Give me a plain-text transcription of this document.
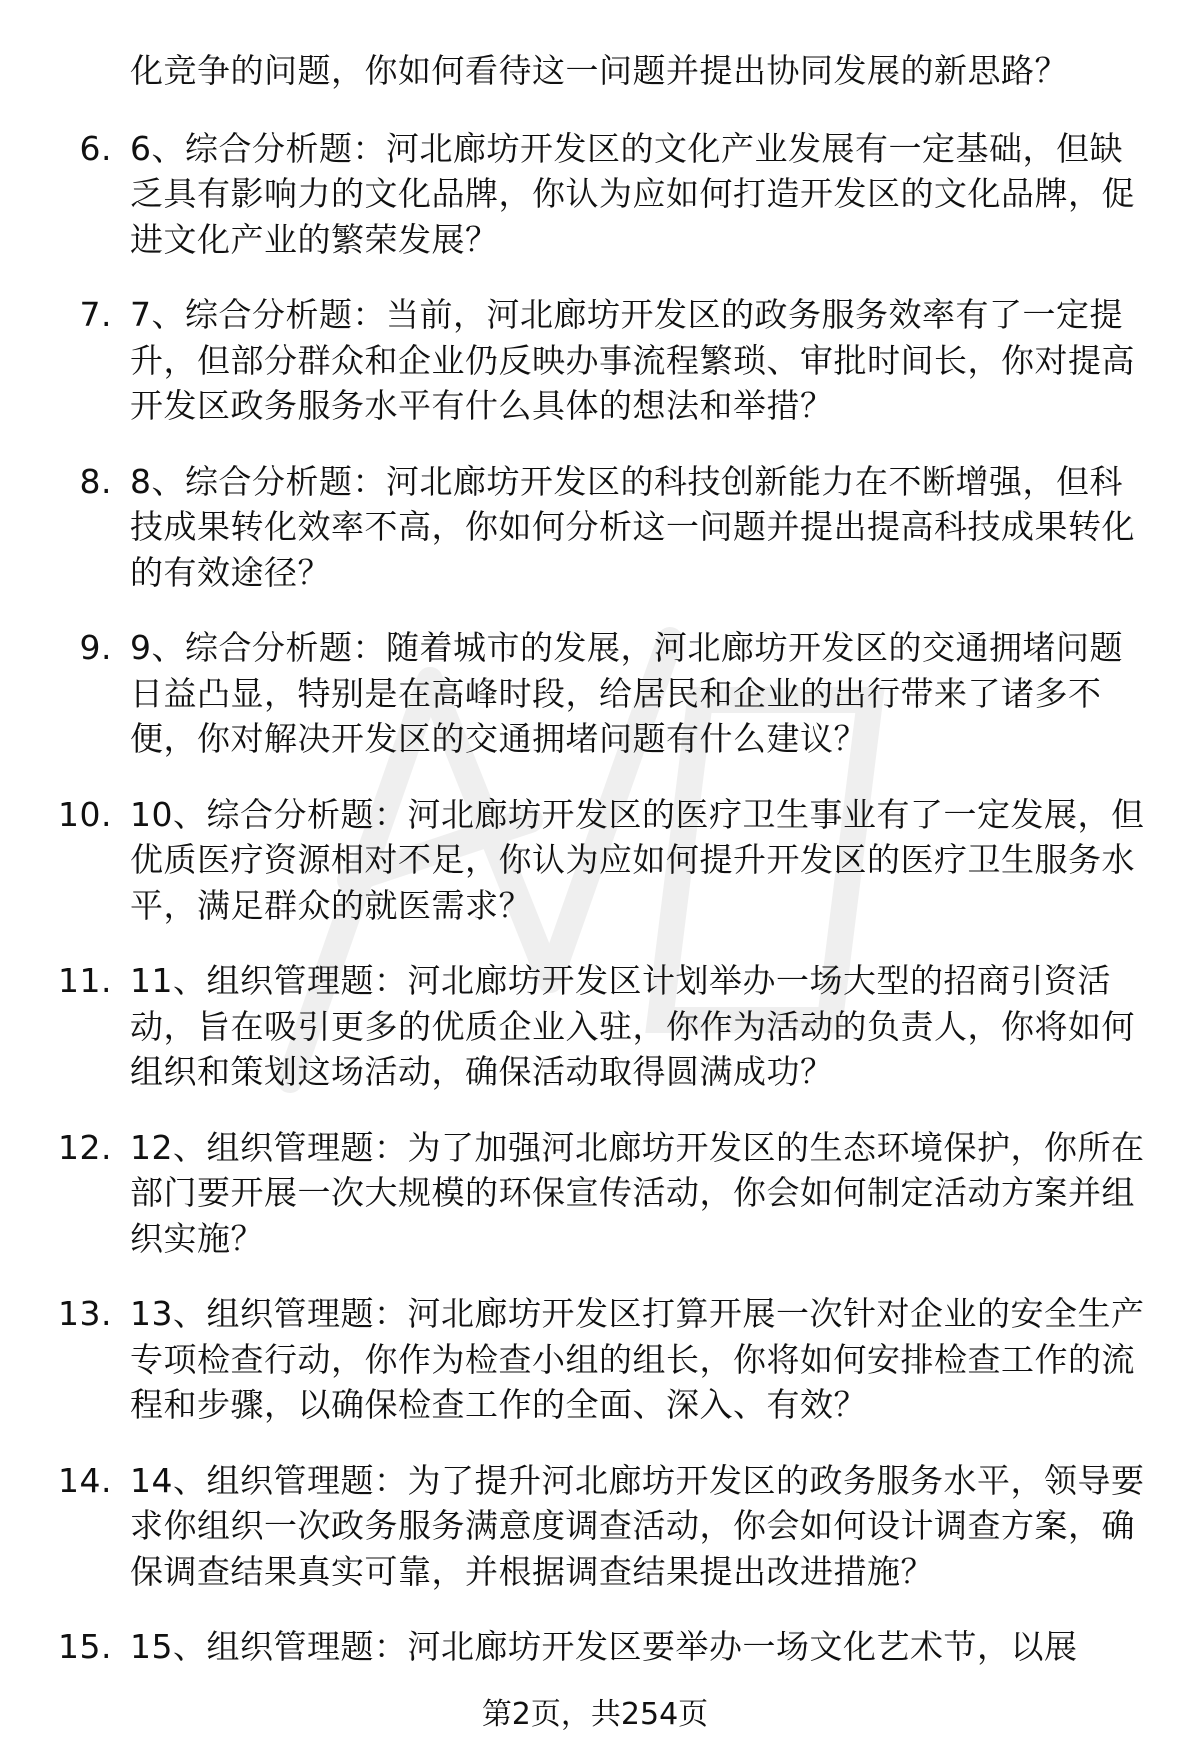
化竞争的问题，你如何看待这一问题并提出协同发展的新思路？

6. 6、综合分析题：河北廊坊开发区的文化产业发展有一定基础，但缺乏具有影响力的文化品牌，你认为应如何打造开发区的文化品牌，促进文化产业的繁荣发展？

7. 7、综合分析题：当前，河北廊坊开发区的政务服务效率有了一定提升，但部分群众和企业仍反映办事流程繁琐、审批时间长，你对提高开发区政务服务水平有什么具体的想法和举措？

8. 8、综合分析题：河北廊坊开发区的科技创新能力在不断增强，但科技成果转化效率不高，你如何分析这一问题并提出提高科技成果转化的有效途径？

9. 9、综合分析题：随着城市的发展，河北廊坊开发区的交通拥堵问题日益凸显，特别是在高峰时段，给居民和企业的出行带来了诸多不便，你对解决开发区的交通拥堵问题有什么建议？

10. 10、综合分析题：河北廊坊开发区的医疗卫生事业有了一定发展，但优质医疗资源相对不足，你认为应如何提升开发区的医疗卫生服务水平，满足群众的就医需求？

11. 11、组织管理题：河北廊坊开发区计划举办一场大型的招商引资活动，旨在吸引更多的优质企业入驻，你作为活动的负责人，你将如何组织和策划这场活动，确保活动取得圆满成功？

12. 12、组织管理题：为了加强河北廊坊开发区的生态环境保护，你所在部门要开展一次大规模的环保宣传活动，你会如何制定活动方案并组织实施？

13. 13、组织管理题：河北廊坊开发区打算开展一次针对企业的安全生产专项检查行动，你作为检查小组的组长，你将如何安排检查工作的流程和步骤，以确保检查工作的全面、深入、有效？

14. 14、组织管理题：为了提升河北廊坊开发区的政务服务水平，领导要求你组织一次政务服务满意度调查活动，你会如何设计调查方案，确保调查结果真实可靠，并根据调查结果提出改进措施？

15. 15、组织管理题：河北廊坊开发区要举办一场文化艺术节，以展

第2页，共254页
